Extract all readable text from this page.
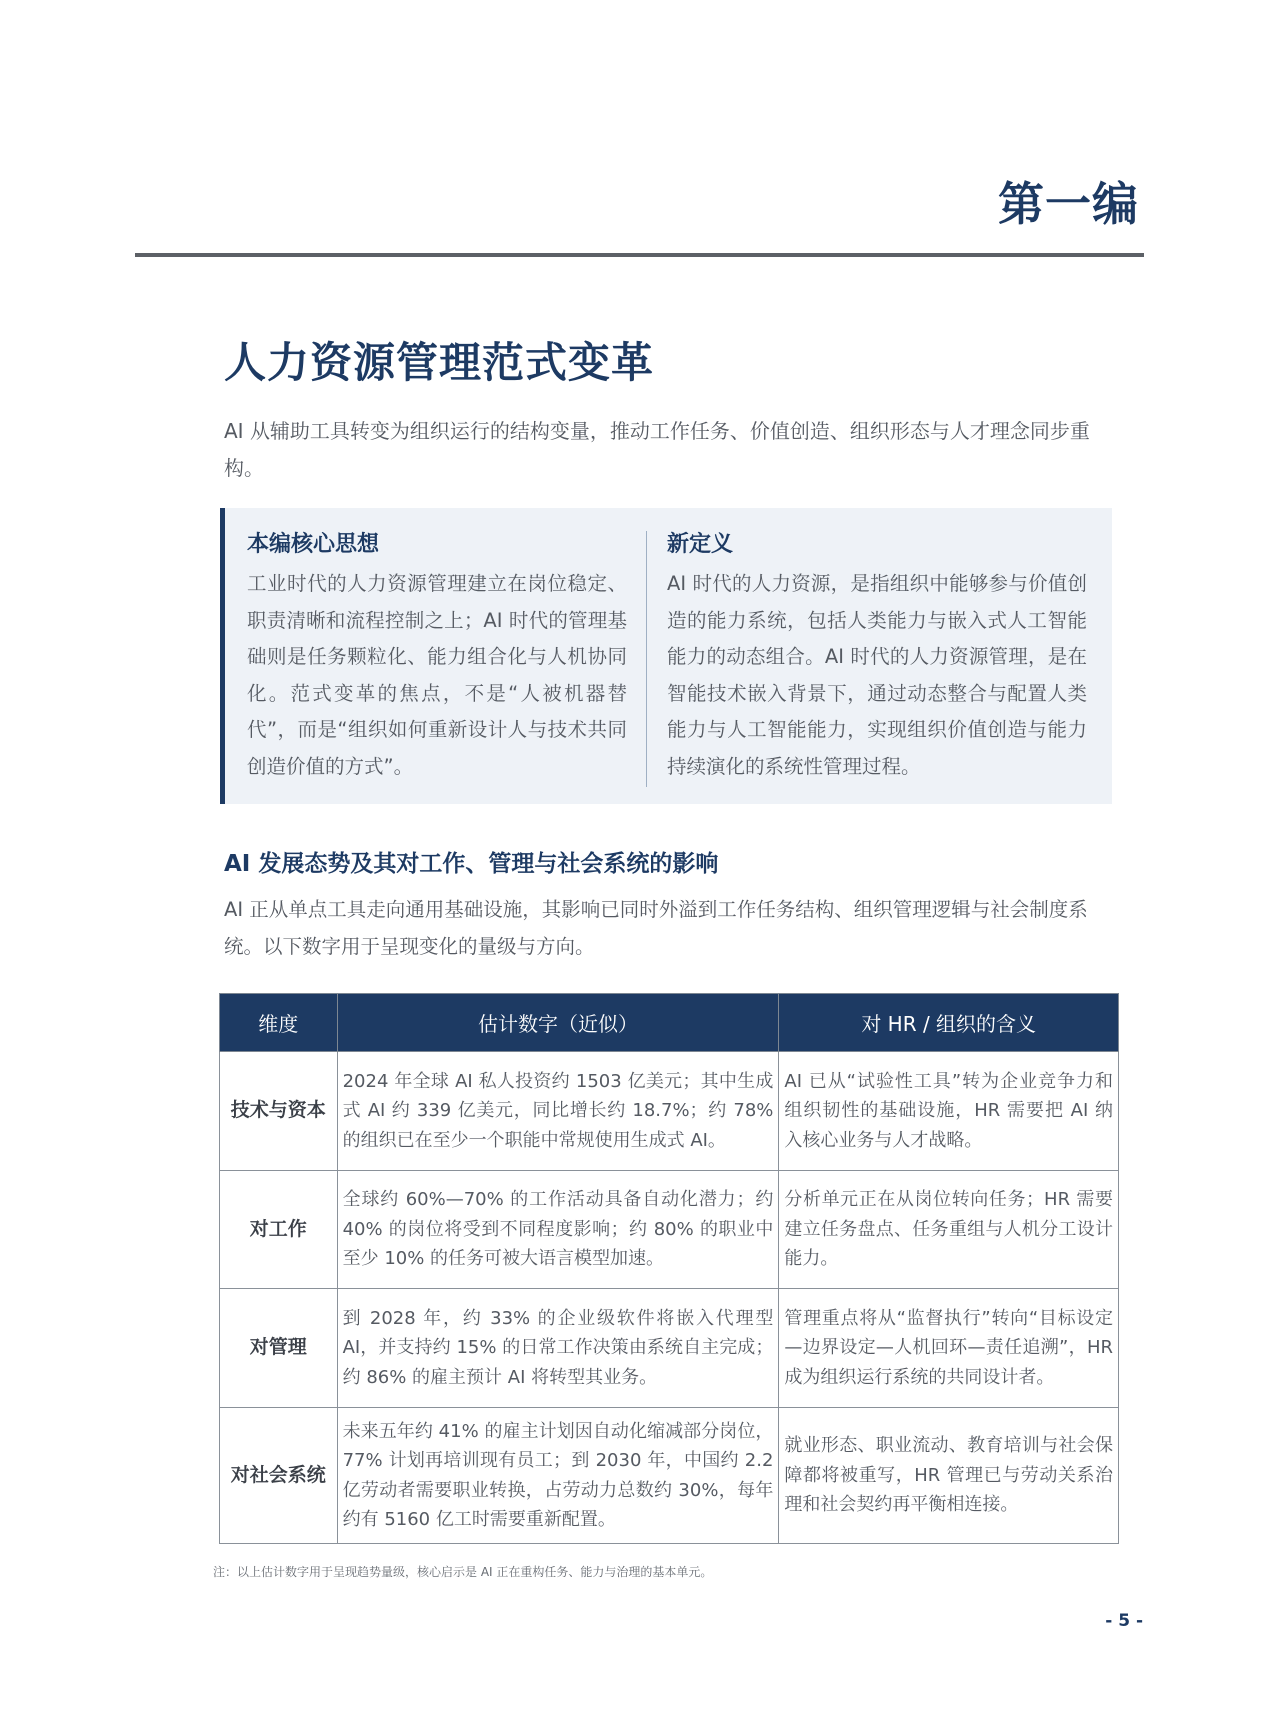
第一编
人力资源管理范式变革
AI 从辅助工具转变为组织运行的结构变量，推动工作任务、价值创造、组织形态与人才理念同步重构。
本编核心思想

工业时代的人力资源管理建立在岗位稳定、职责清晰和流程控制之上；AI 时代的管理基础则是任务颗粒化、能力组合化与人机协同化。范式变革的焦点，不是“人被机器替代”，而是“组织如何重新设计人与技术共同创造价值的方式”。

新定义

AI 时代的人力资源，是指组织中能够参与价值创造的能力系统，包括人类能力与嵌入式人工智能能力的动态组合。AI 时代的人力资源管理，是在智能技术嵌入背景下，通过动态整合与配置人类能力与人工智能能力，实现组织价值创造与能力持续演化的系统性管理过程。

AI 发展态势及其对工作、管理与社会系统的影响
AI 正从单点工具走向通用基础设施，其影响已同时外溢到工作任务结构、组织管理逻辑与社会制度系统。以下数字用于呈现变化的量级与方向。
维度	估计数字（近似）	对 HR / 组织的含义
技术与资本	2024 年全球 AI 私人投资约 1503 亿美元；其中生成式 AI 约 339 亿美元，同比增长约 18.7%；约 78% 的组织已在至少一个职能中常规使用生成式 AI。	AI 已从“试验性工具”转为企业竞争力和组织韧性的基础设施，HR 需要把 AI 纳入核心业务与人才战略。
对工作	全球约 60%—70% 的工作活动具备自动化潜力；约 40% 的岗位将受到不同程度影响；约 80% 的职业中至少 10% 的任务可被大语言模型加速。	分析单元正在从岗位转向任务；HR 需要建立任务盘点、任务重组与人机分工设计能力。
对管理	到 2028 年，约 33% 的企业级软件将嵌入代理型 AI，并支持约 15% 的日常工作决策由系统自主完成；约 86% 的雇主预计 AI 将转型其业务。	管理重点将从“监督执行”转向“目标设定—边界设定—人机回环—责任追溯”，HR 成为组织运行系统的共同设计者。
对社会系统	未来五年约 41% 的雇主计划因自动化缩减部分岗位，77% 计划再培训现有员工；到 2030 年，中国约 2.2 亿劳动者需要职业转换，占劳动力总数约 30%，每年约有 5160 亿工时需要重新配置。	就业形态、职业流动、教育培训与社会保障都将被重写，HR 管理已与劳动关系治理和社会契约再平衡相连接。
注：以上估计数字用于呈现趋势量级，核心启示是 AI 正在重构任务、能力与治理的基本单元。
- 5 -
